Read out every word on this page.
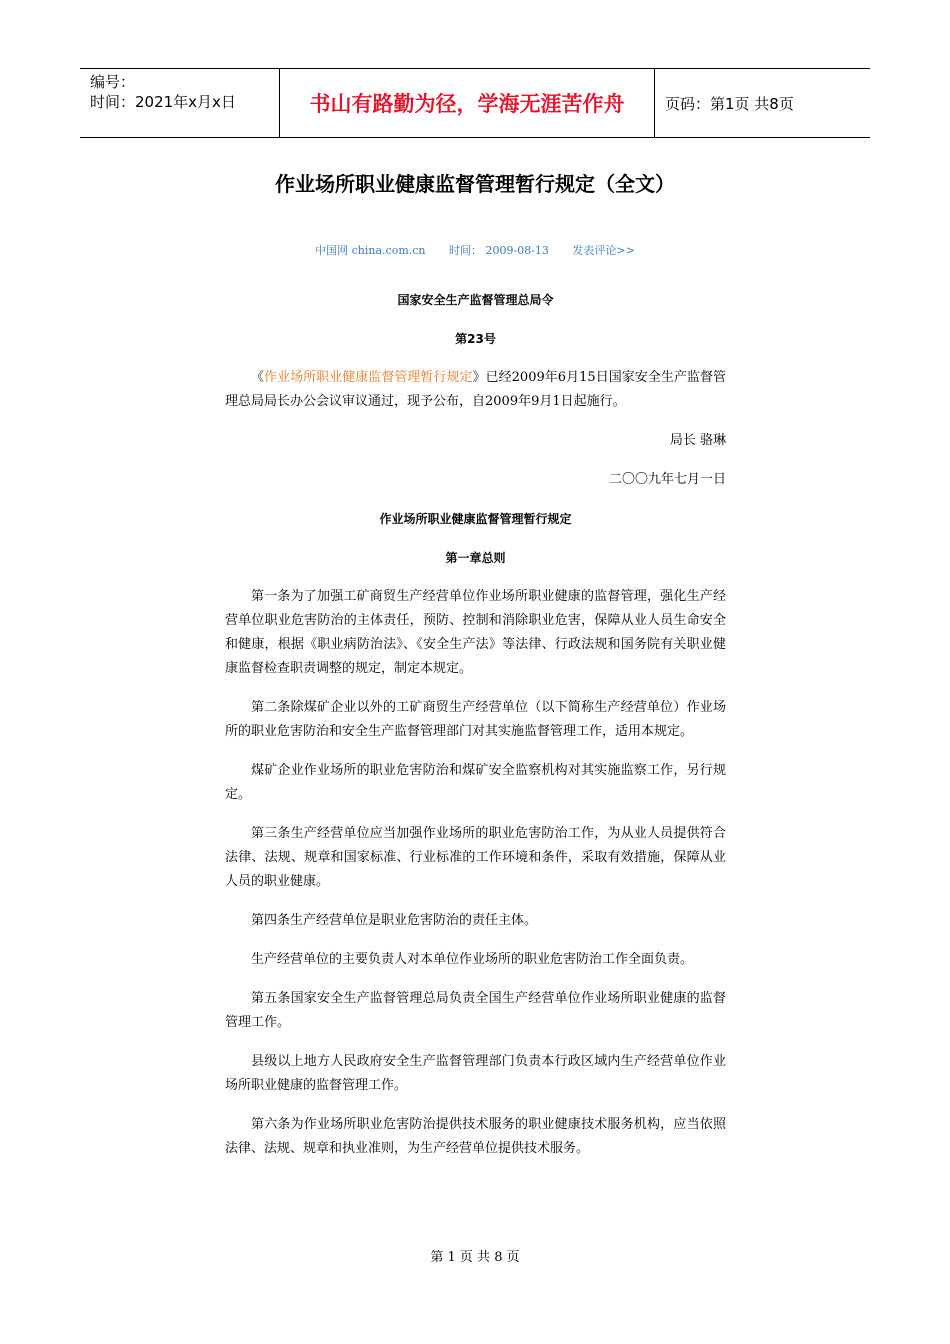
编号：
时间：2021年x月x日	书山有路勤为径，学海无涯苦作舟	页码：第1页 共8页
作业场所职业健康监督管理暂行规定（全文）
中国网 china.com.cn 时间： 2009-08-13 发表评论>>
国家安全生产监督管理总局令
第23号
《作业场所职业健康监督管理暂行规定》已经2009年6月15日国家安全生产监督管理总局局长办公会议审议通过，现予公布，自2009年9月1日起施行。
局长 骆琳
二〇〇九年七月一日
作业场所职业健康监督管理暂行规定
第一章总则
第一条为了加强工矿商贸生产经营单位作业场所职业健康的监督管理，强化生产经营单位职业危害防治的主体责任，预防、控制和消除职业危害，保障从业人员生命安全和健康，根据《职业病防治法》、《安全生产法》等法律、行政法规和国务院有关职业健康监督检查职责调整的规定，制定本规定。
第二条除煤矿企业以外的工矿商贸生产经营单位（以下简称生产经营单位）作业场所的职业危害防治和安全生产监督管理部门对其实施监督管理工作，适用本规定。
煤矿企业作业场所的职业危害防治和煤矿安全监察机构对其实施监察工作，另行规定。
第三条生产经营单位应当加强作业场所的职业危害防治工作，为从业人员提供符合法律、法规、规章和国家标准、行业标准的工作环境和条件，采取有效措施，保障从业人员的职业健康。
第四条生产经营单位是职业危害防治的责任主体。
生产经营单位的主要负责人对本单位作业场所的职业危害防治工作全面负责。
第五条国家安全生产监督管理总局负责全国生产经营单位作业场所职业健康的监督管理工作。
县级以上地方人民政府安全生产监督管理部门负责本行政区域内生产经营单位作业场所职业健康的监督管理工作。
第六条为作业场所职业危害防治提供技术服务的职业健康技术服务机构，应当依照法律、法规、规章和执业准则，为生产经营单位提供技术服务。
第 1 页 共 8 页
